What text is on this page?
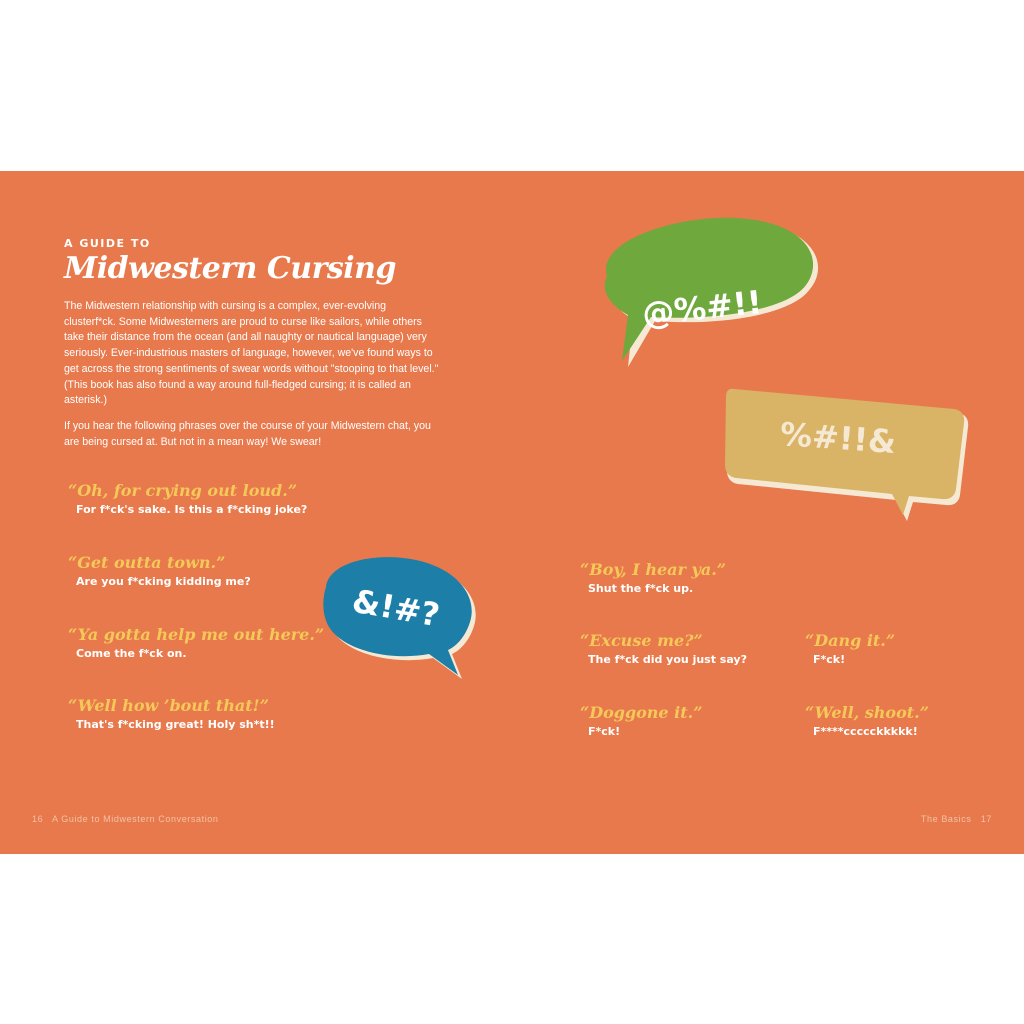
@%#!!
%#!!&
&!#?
A GUIDE TO
Midwestern Cursing

The Midwestern relationship with cursing is a complex, ever-evolving clusterf*ck. Some Midwesterners are proud to curse like sailors, while others take their distance from the ocean (and all naughty or nautical language) very seriously. Ever-industrious masters of language, however, we've found ways to get across the strong sentiments of swear words without "stooping to that level." (This book has also found a way around full-fledged cursing; it is called an asterisk.)

If you hear the following phrases over the course of your Midwestern chat, you are being cursed at. But not in a mean way! We swear!

“Oh, for crying out loud.”
For f*ck's sake. Is this a f*cking joke?
“Get outta town.”
Are you f*cking kidding me?
“Ya gotta help me out here.”
Come the f*ck on.
“Well how ’bout that!”
That's f*cking great! Holy sh*t!!
“Boy, I hear ya.”
Shut the f*ck up.
“Excuse me?”
The f*ck did you just say?
“Dang it.”
F*ck!
“Doggone it.”
F*ck!
“Well, shoot.”
F****ccccckkkkk!
16 A Guide to Midwestern Conversation	The Basics 17
